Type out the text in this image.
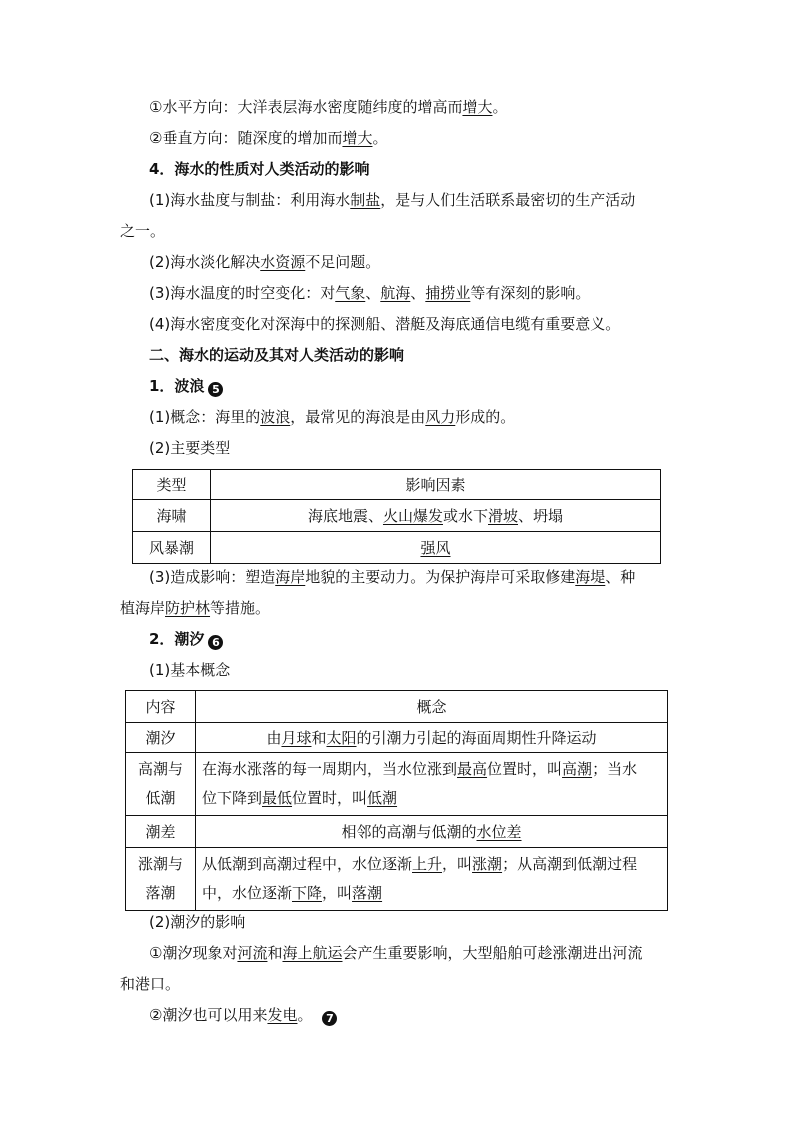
①水平方向：大洋表层海水密度随纬度的增高而增大。
②垂直方向：随深度的增加而增大。
4．海水的性质对人类活动的影响
(1)海水盐度与制盐：利用海水制盐，是与人们生活联系最密切的生产活动
之一。
(2)海水淡化解决水资源不足问题。
(3)海水温度的时空变化：对气象、航海、捕捞业等有深刻的影响。
(4)海水密度变化对深海中的探测船、潜艇及海底通信电缆有重要意义。
二、海水的运动及其对人类活动的影响
1．波浪 5
(1)概念：海里的波浪，最常见的海浪是由风力形成的。
(2)主要类型
类型	影响因素
海啸	海底地震、火山爆发或水下滑坡、坍塌
风暴潮	强风
(3)造成影响：塑造海岸地貌的主要动力。为保护海岸可采取修建海堤、种
植海岸防护林等措施。
2．潮汐 6
(1)基本概念
内容	概念
潮汐	由月球和太阳的引潮力引起的海面周期性升降运动
高潮与
低潮	在海水涨落的每一周期内，当水位涨到最高位置时，叫高潮；当水
位下降到最低位置时，叫低潮
潮差	相邻的高潮与低潮的水位差
涨潮与
落潮	从低潮到高潮过程中，水位逐渐上升，叫涨潮；从高潮到低潮过程
中，水位逐渐下降，叫落潮
(2)潮汐的影响
①潮汐现象对河流和海上航运会产生重要影响，大型船舶可趁涨潮进出河流
和港口。
②潮汐也可以用来发电。 7
